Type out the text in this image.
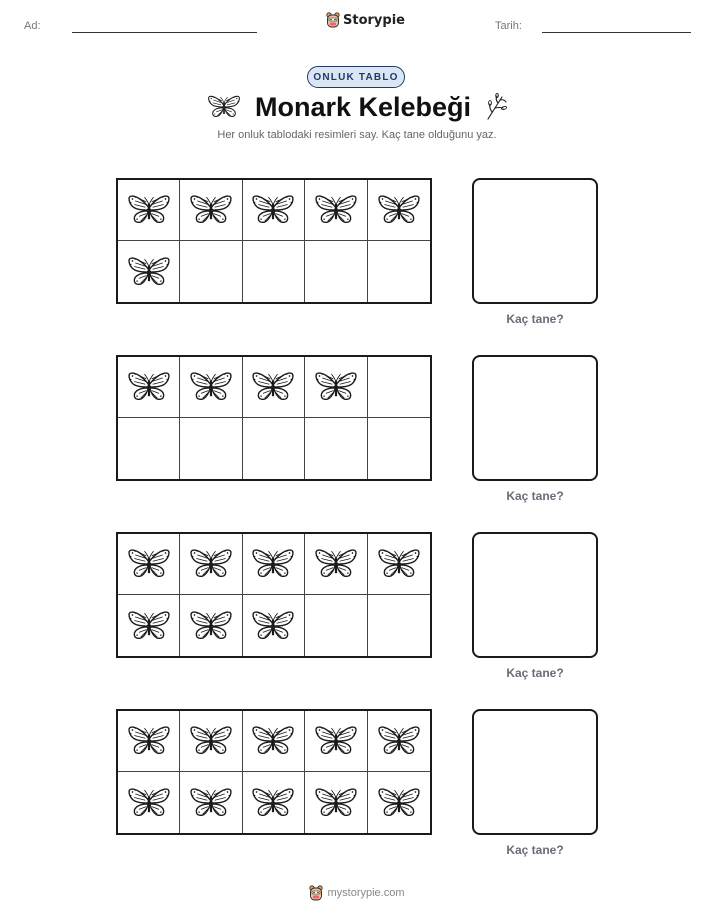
Ad:	Storypie	Tarih:
ONLUK TABLO
Monark Kelebeği
Her onluk tablodaki resimleri say. Kaç tane olduğunu yaz.
Kaç tane?
Kaç tane?
Kaç tane?
Kaç tane?
mystorypie.com
